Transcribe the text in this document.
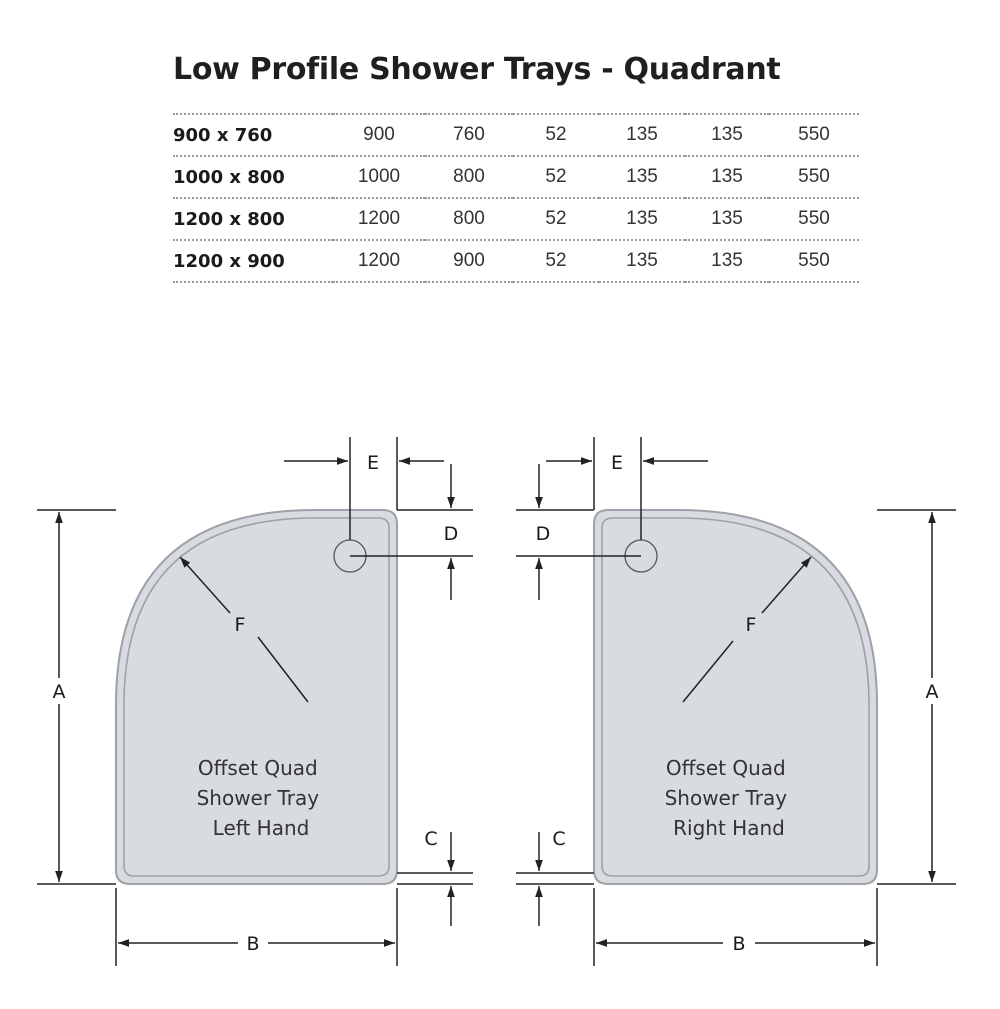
Low Profile Shower Trays - Quadrant
900 x 760	900	760	52	135	135	550
1000 x 800	1000	800	52	135	135	550
1200 x 800	1200	800	52	135	135	550
1200 x 900	1200	900	52	135	135	550
A
B
C
D
E
F
Offset Quad Shower Tray Left Hand
A
B
C
D
E
F
Offset Quad Shower Tray Right Hand
